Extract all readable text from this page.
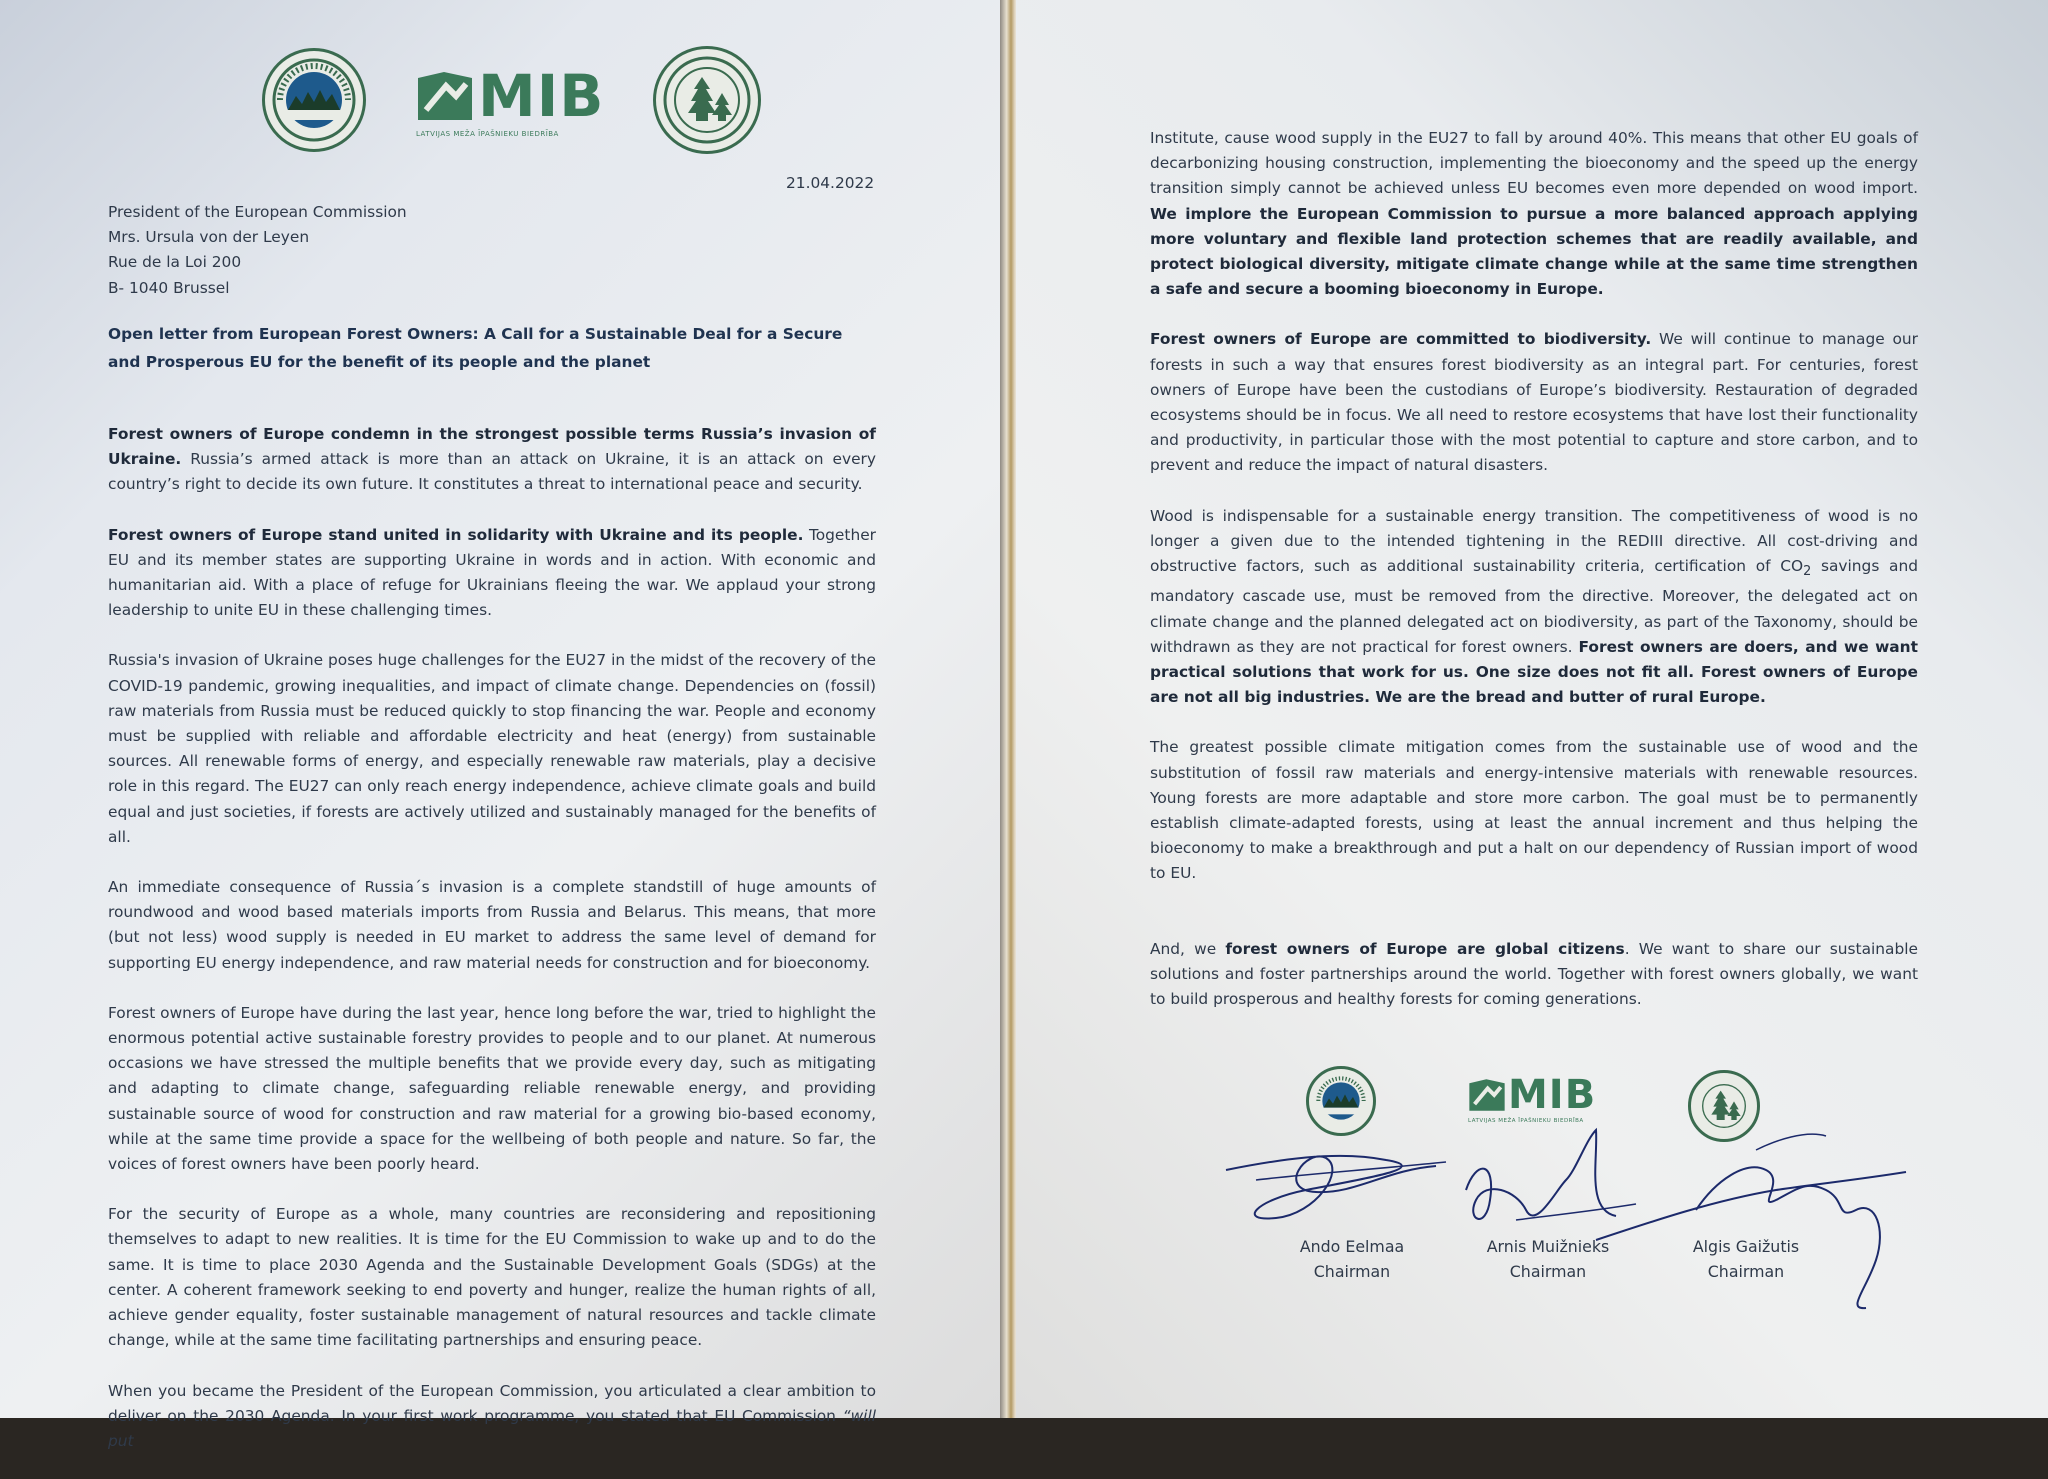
MIB
LATVIJAS MEŽA ĪPAŠNIEKU BIEDRĪBA
21.04.2022
President of the European Commission
Mrs. Ursula von der Leyen
Rue de la Loi 200
B- 1040 Brussel
Open letter from European Forest Owners: A Call for a Sustainable Deal for a Secure and Prosperous EU for the benefit of its people and the planet

Forest owners of Europe condemn in the strongest possible terms Russia’s invasion of Ukraine. Russia’s armed attack is more than an attack on Ukraine, it is an attack on every country’s right to decide its own future. It constitutes a threat to international peace and security.

Forest owners of Europe stand united in solidarity with Ukraine and its people. Together EU and its member states are supporting Ukraine in words and in action. With economic and humanitarian aid. With a place of refuge for Ukrainians fleeing the war. We applaud your strong leadership to unite EU in these challenging times.

Russia's invasion of Ukraine poses huge challenges for the EU27 in the midst of the recovery of the COVID-19 pandemic, growing inequalities, and impact of climate change. Dependencies on (fossil) raw materials from Russia must be reduced quickly to stop financing the war. People and economy must be supplied with reliable and affordable electricity and heat (energy) from sustainable sources. All renewable forms of energy, and especially renewable raw materials, play a decisive role in this regard. The EU27 can only reach energy independence, achieve climate goals and build equal and just societies, if forests are actively utilized and sustainably managed for the benefits of all.

An immediate consequence of Russia´s invasion is a complete standstill of huge amounts of roundwood and wood based materials imports from Russia and Belarus. This means, that more (but not less) wood supply is needed in EU market to address the same level of demand for supporting EU energy independence, and raw material needs for construction and for bioeconomy.

Forest owners of Europe have during the last year, hence long before the war, tried to highlight the enormous potential active sustainable forestry provides to people and to our planet. At numerous occasions we have stressed the multiple benefits that we provide every day, such as mitigating and adapting to climate change, safeguarding reliable renewable energy, and providing sustainable source of wood for construction and raw material for a growing bio-based economy, while at the same time provide a space for the wellbeing of both people and nature. So far, the voices of forest owners have been poorly heard.

For the security of Europe as a whole, many countries are reconsidering and repositioning themselves to adapt to new realities. It is time for the EU Commission to wake up and to do the same. It is time to place 2030 Agenda and the Sustainable Development Goals (SDGs) at the center. A coherent framework seeking to end poverty and hunger, realize the human rights of all, achieve gender equality, foster sustainable management of natural resources and tackle climate change, while at the same time facilitating partnerships and ensuring peace.

When you became the President of the European Commission, you articulated a clear ambition to deliver on the 2030 Agenda. In your first work programme, you stated that EU Commission “will put

Institute, cause wood supply in the EU27 to fall by around 40%. This means that other EU goals of decarbonizing housing construction, implementing the bioeconomy and the speed up the energy transition simply cannot be achieved unless EU becomes even more depended on wood import. We implore the European Commission to pursue a more balanced approach applying more voluntary and flexible land protection schemes that are readily available, and protect biological diversity, mitigate climate change while at the same time strengthen a safe and secure a booming bioeconomy in Europe.

Forest owners of Europe are committed to biodiversity. We will continue to manage our forests in such a way that ensures forest biodiversity as an integral part. For centuries, forest owners of Europe have been the custodians of Europe’s biodiversity. Restauration of degraded ecosystems should be in focus. We all need to restore ecosystems that have lost their functionality and productivity, in particular those with the most potential to capture and store carbon, and to prevent and reduce the impact of natural disasters.

Wood is indispensable for a sustainable energy transition. The competitiveness of wood is no longer a given due to the intended tightening in the REDIII directive. All cost-driving and obstructive factors, such as additional sustainability criteria, certification of $CO_2$ savings and mandatory cascade use, must be removed from the directive. Moreover, the delegated act on climate change and the planned delegated act on biodiversity, as part of the Taxonomy, should be withdrawn as they are not practical for forest owners. Forest owners are doers, and we want practical solutions that work for us. One size does not fit all. Forest owners of Europe are not all big industries. We are the bread and butter of rural Europe.

The greatest possible climate mitigation comes from the sustainable use of wood and the substitution of fossil raw materials and energy-intensive materials with renewable resources. Young forests are more adaptable and store more carbon. The goal must be to permanently establish climate-adapted forests, using at least the annual increment and thus helping the bioeconomy to make a breakthrough and put a halt on our dependency of Russian import of wood to EU.

And, we forest owners of Europe are global citizens. We want to share our sustainable solutions and foster partnerships around the world. Together with forest owners globally, we want to build prosperous and healthy forests for coming generations.

MIB
LATVIJAS MEŽA ĪPAŠNIEKU BIEDRĪBA
Ando Eelmaa
Chairman
Arnis Muižnieks
Chairman
Algis Gaižutis
Chairman
